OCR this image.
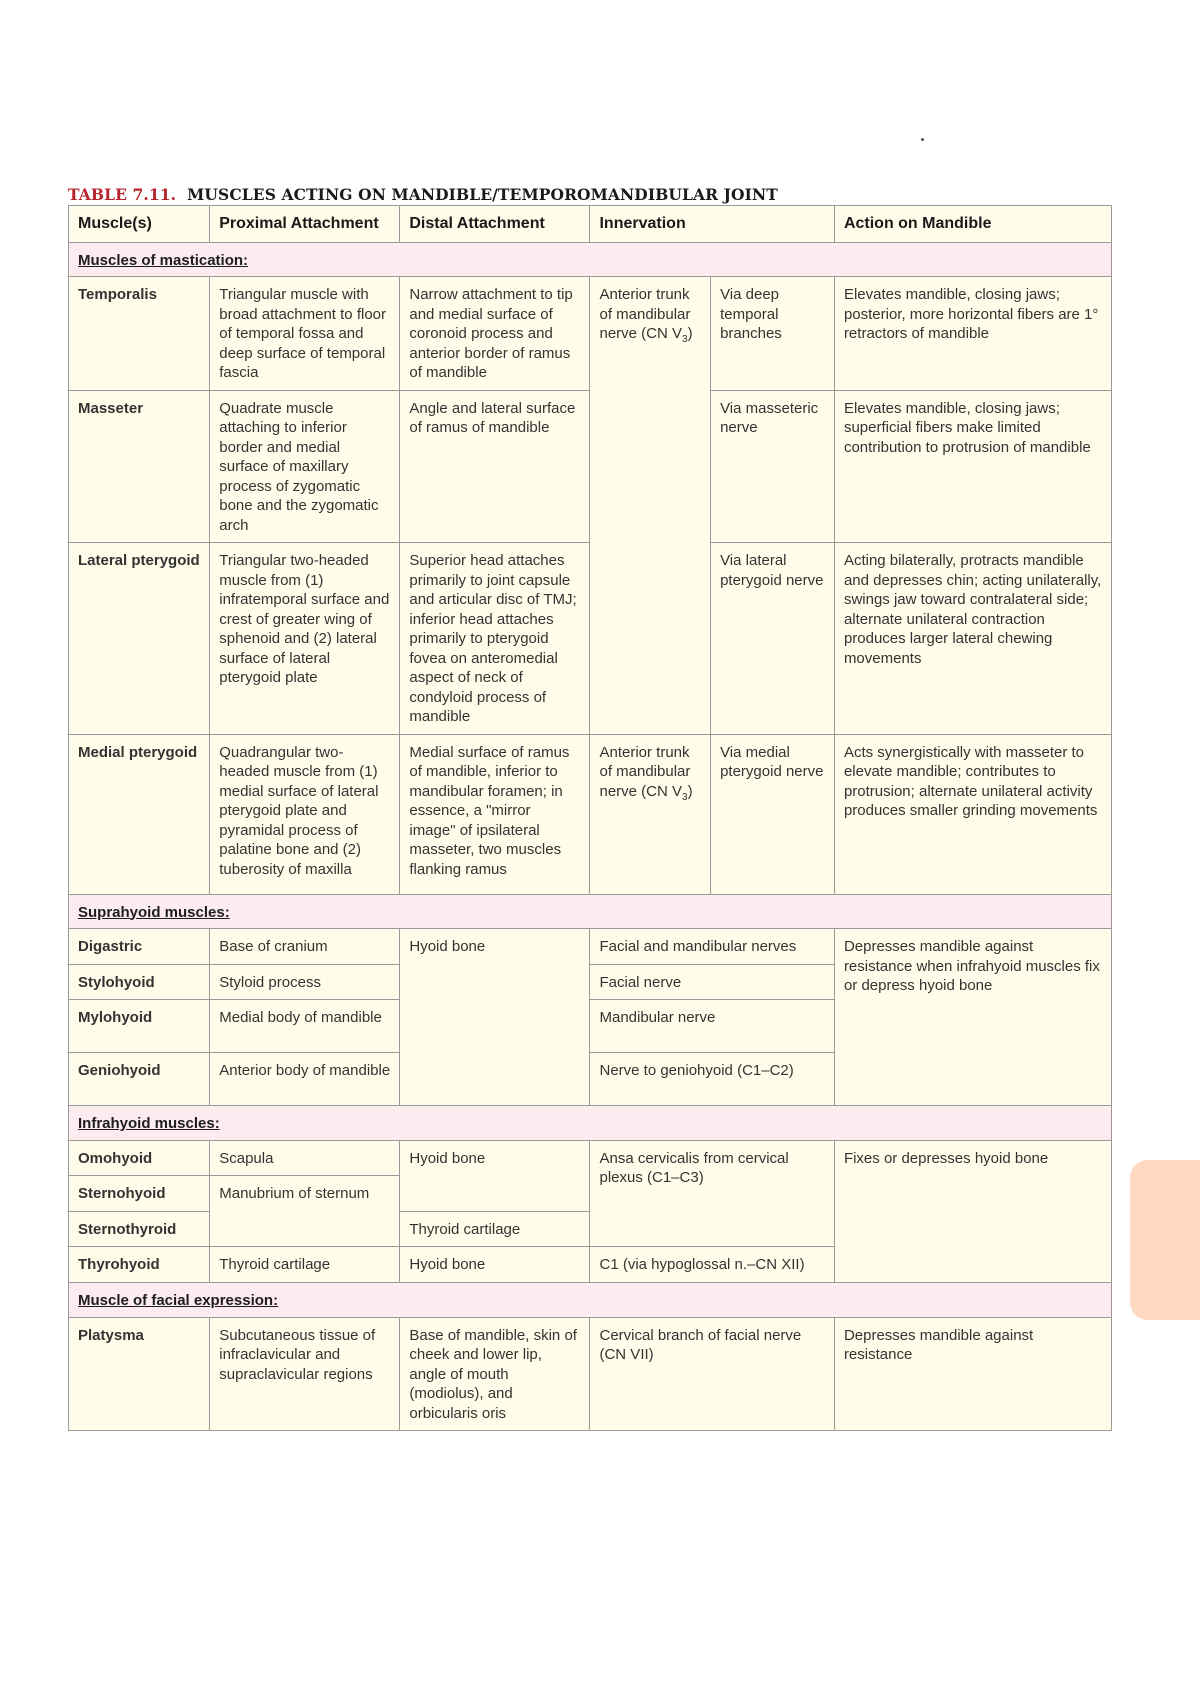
TABLE 7.11. MUSCLES ACTING ON MANDIBLE/TEMPOROMANDIBULAR JOINT
Muscle(s)	Proximal Attachment	Distal Attachment	Innervation		Action on Mandible
Muscles of mastication:					
Temporalis	Triangular muscle with broad attachment to floor of temporal fossa and deep surface of temporal fascia	Narrow attachment to tip and medial surface of coronoid process and anterior border of ramus of mandible	Anterior trunk of mandibular nerve (CN $V_3$)	Via deep temporal branches	Elevates mandible, closing jaws; posterior, more horizontal fibers are 1° retractors of mandible
Masseter	Quadrate muscle attaching to inferior border and medial surface of maxillary process of zygomatic bone and the zygomatic arch	Angle and lateral surface of ramus of mandible		Via masseteric nerve	Elevates mandible, closing jaws; superficial fibers make limited contribution to protrusion of mandible
Lateral pterygoid	Triangular two-headed muscle from (1) infratemporal surface and crest of greater wing of sphenoid and (2) lateral surface of lateral pterygoid plate	Superior head attaches primarily to joint capsule and articular disc of TMJ; inferior head attaches primarily to pterygoid fovea on anteromedial aspect of neck of condyloid process of mandible		Via lateral pterygoid nerve	Acting bilaterally, protracts mandible and depresses chin; acting unilaterally, swings jaw toward contralateral side; alternate unilateral contraction produces larger lateral chewing movements
Medial pterygoid	Quadrangular two-headed muscle from (1) medial surface of lateral pterygoid plate and pyramidal process of palatine bone and (2) tuberosity of maxilla	Medial surface of ramus of mandible, inferior to mandibular foramen; in essence, a "mirror image" of ipsilateral masseter, two muscles flanking ramus	Anterior trunk of mandibular nerve (CN $V_3$)	Via medial pterygoid nerve	Acts synergistically with masseter to elevate mandible; contributes to protrusion; alternate unilateral activity produces smaller grinding movements
Suprahyoid muscles:					
Digastric	Base of cranium	Hyoid bone	Facial and mandibular nerves		Depresses mandible against resistance when infrahyoid muscles fix or depress hyoid bone
Stylohyoid	Styloid process		Facial nerve		
Mylohyoid	Medial body of mandible		Mandibular nerve		
Geniohyoid	Anterior body of mandible		Nerve to geniohyoid (C1–C2)		
Infrahyoid muscles:					
Omohyoid	Scapula	Hyoid bone	Ansa cervicalis from cervical plexus (C1–C3)		Fixes or depresses hyoid bone
Sternohyoid	Manubrium of sternum				
Sternothyroid		Thyroid cartilage			
Thyrohyoid	Thyroid cartilage	Hyoid bone	C1 (via hypoglossal n.–CN XII)		
Muscle of facial expression:					
Platysma	Subcutaneous tissue of infraclavicular and supraclavicular regions	Base of mandible, skin of cheek and lower lip, angle of mouth (modiolus), and orbicularis oris	Cervical branch of facial nerve (CN VII)		Depresses mandible against resistance
